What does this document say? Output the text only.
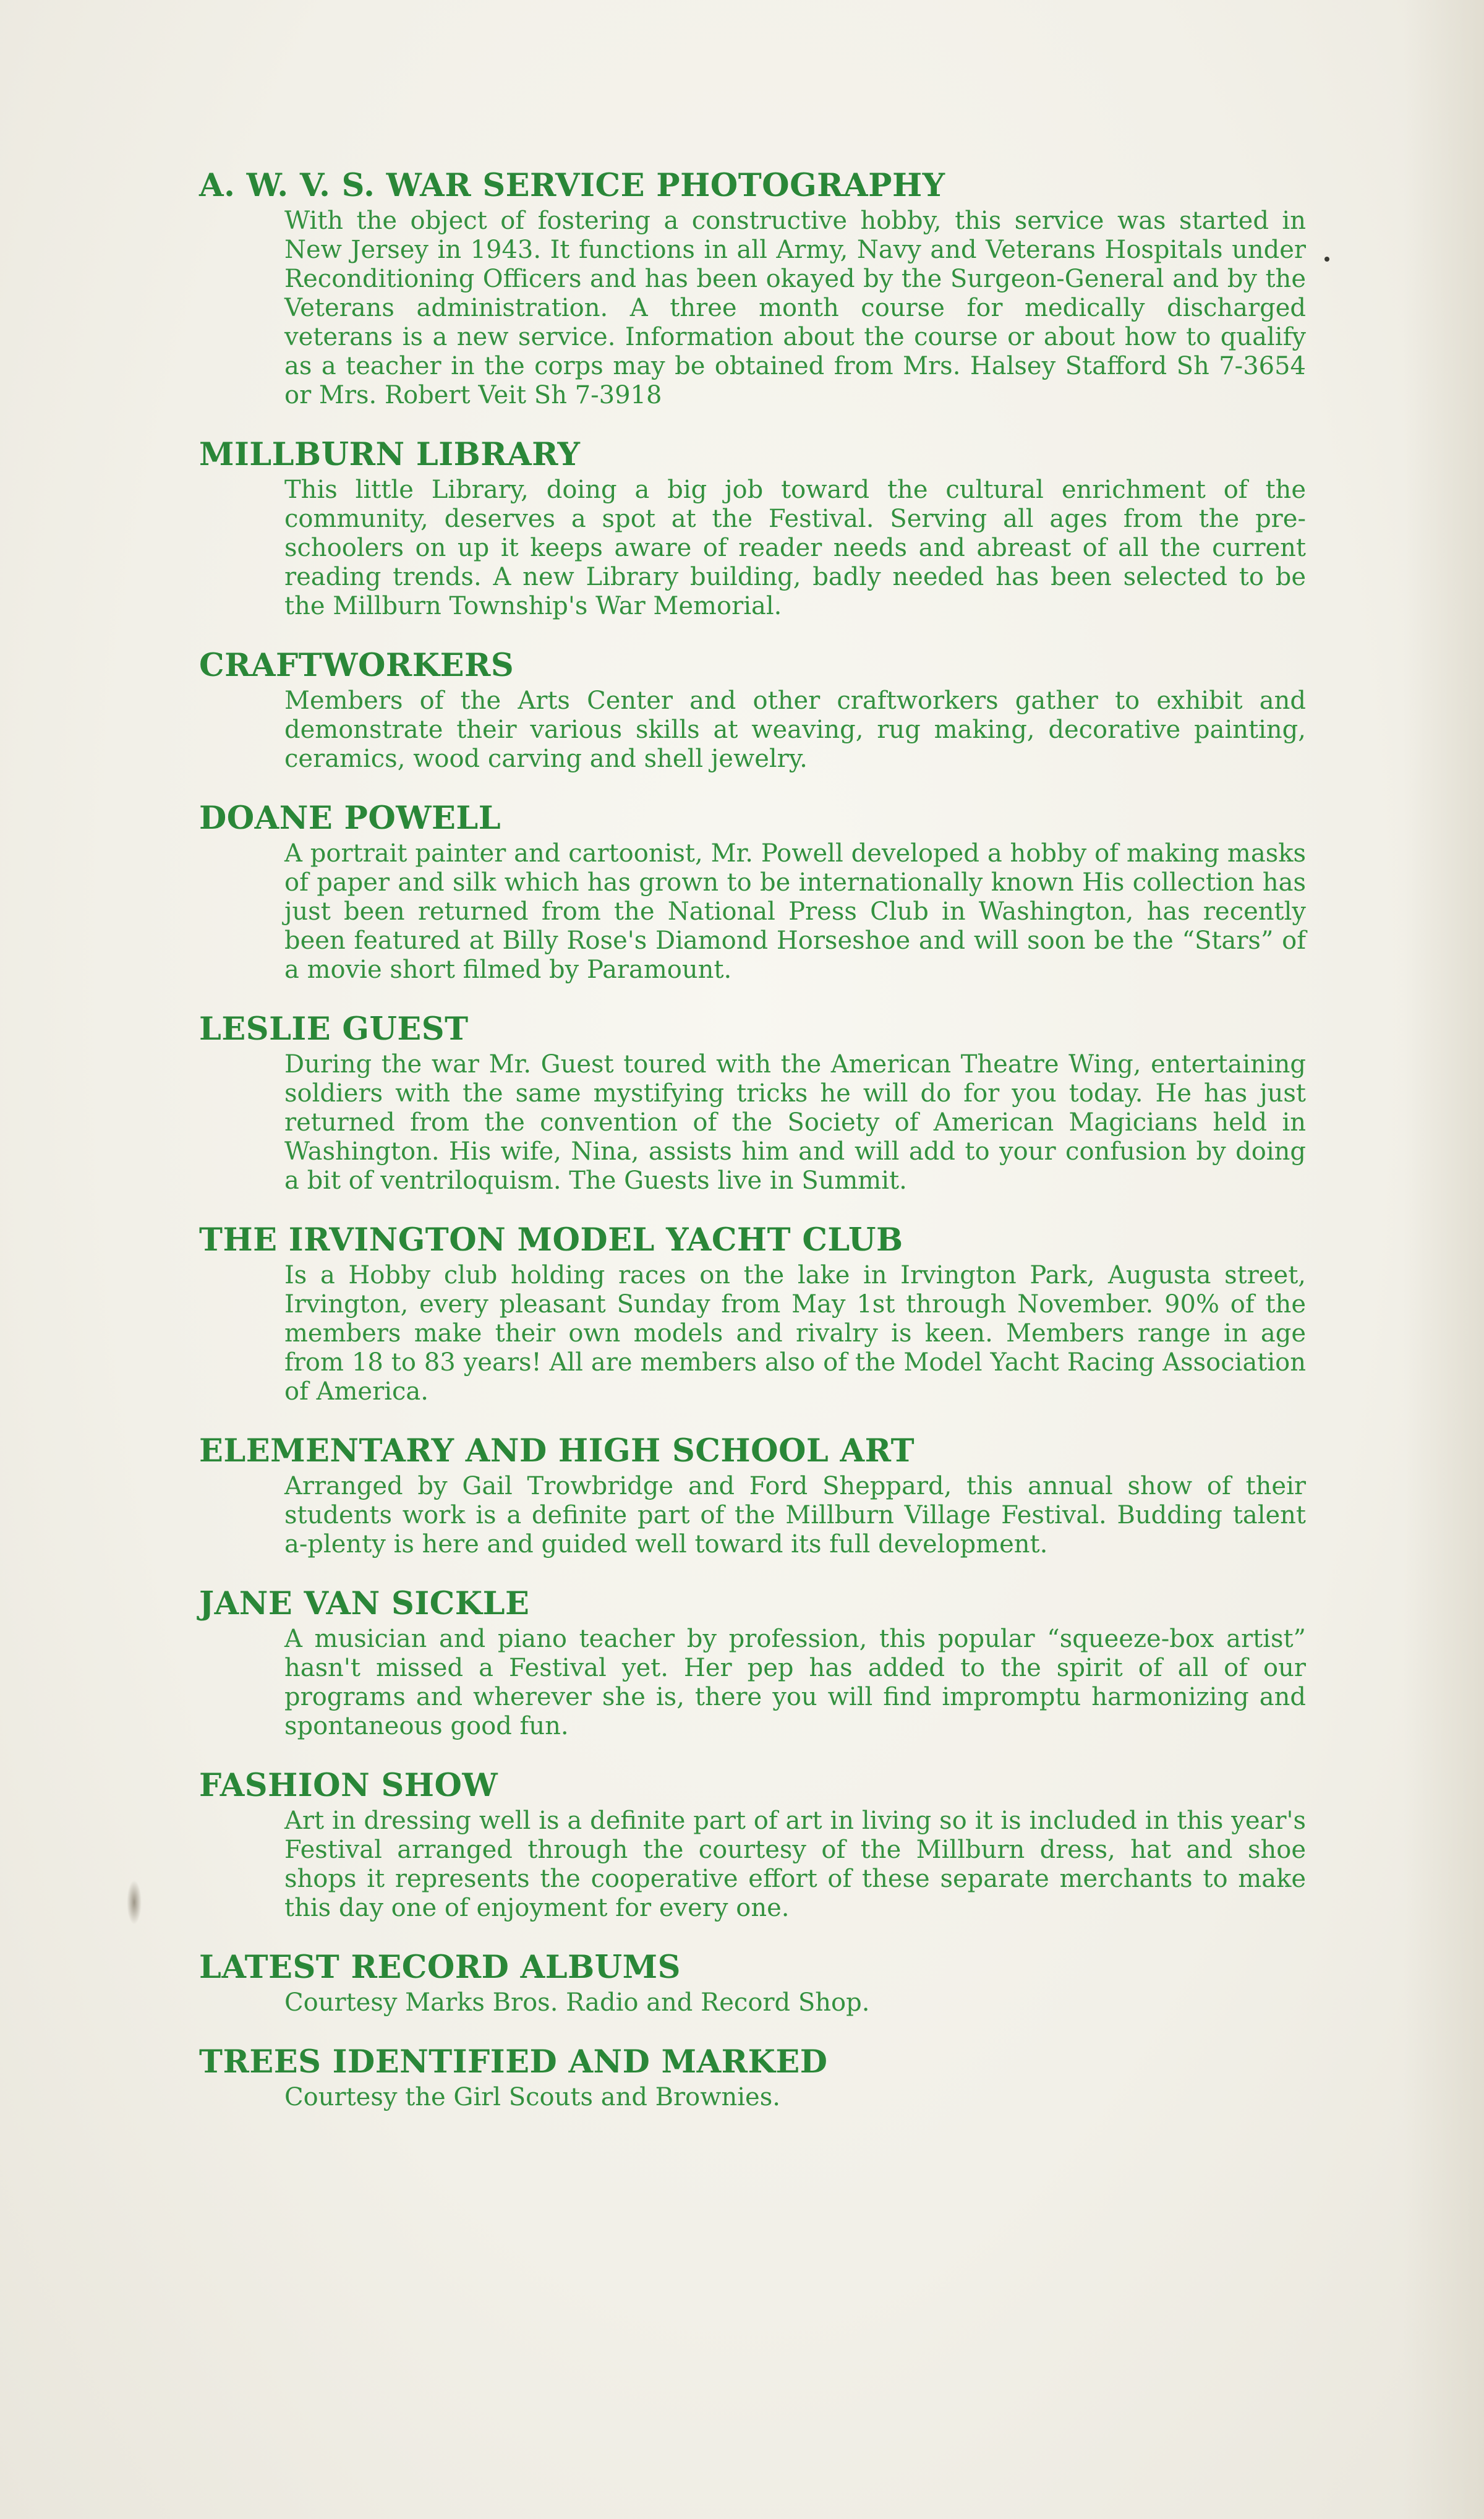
A. W. V. S. WAR SERVICE PHOTOGRAPHY

With the object of fostering a constructive hobby, this service was started in New Jersey in 1943. It functions in all Army, Navy and Veterans Hospitals under Reconditioning Officers and has been okayed by the Surgeon-General and by the Veterans administration. A three month course for medically discharged veterans is a new service. Information about the course or about how to qualify as a teacher in the corps may be obtained from Mrs. Halsey Stafford Sh 7-3654 or Mrs. Robert Veit Sh 7-3918

MILLBURN LIBRARY

This little Library, doing a big job toward the cultural enrichment of the community, deserves a spot at the Festival. Serving all ages from the pre-schoolers on up it keeps aware of reader needs and abreast of all the current reading trends. A new Library building, badly needed has been selected to be the Millburn Township's War Memorial.

CRAFTWORKERS

Members of the Arts Center and other craftworkers gather to exhibit and demonstrate their various skills at weaving, rug making, decorative painting, ceramics, wood carving and shell jewelry.

DOANE POWELL

A portrait painter and cartoonist, Mr. Powell developed a hobby of making masks of paper and silk which has grown to be internationally known His collection has just been returned from the National Press Club in Washington, has recently been featured at Billy Rose's Diamond Horseshoe and will soon be the “Stars” of a movie short filmed by Paramount.

LESLIE GUEST

During the war Mr. Guest toured with the American Theatre Wing, entertaining soldiers with the same mystifying tricks he will do for you today. He has just returned from the convention of the Society of American Magicians held in Washington. His wife, Nina, assists him and will add to your confusion by doing a bit of ventriloquism. The Guests live in Summit.

THE IRVINGTON MODEL YACHT CLUB

Is a Hobby club holding races on the lake in Irvington Park, Augusta street, Irvington, every pleasant Sunday from May 1st through November. 90% of the members make their own models and rivalry is keen. Members range in age from 18 to 83 years! All are members also of the Model Yacht Racing Association of America.

ELEMENTARY AND HIGH SCHOOL ART

Arranged by Gail Trowbridge and Ford Sheppard, this annual show of their students work is a definite part of the Millburn Village Festival. Budding talent a-plenty is here and guided well toward its full development.

JANE VAN SICKLE

A musician and piano teacher by profession, this popular “squeeze-box artist” hasn't missed a Festival yet. Her pep has added to the spirit of all of our programs and wherever she is, there you will find impromptu harmonizing and spontaneous good fun.

FASHION SHOW

Art in dressing well is a definite part of art in living so it is included in this year's Festival arranged through the courtesy of the Millburn dress, hat and shoe shops it represents the cooperative effort of these separate merchants to make this day one of enjoyment for every one.

LATEST RECORD ALBUMS

Courtesy Marks Bros. Radio and Record Shop.

TREES IDENTIFIED AND MARKED

Courtesy the Girl Scouts and Brownies.
